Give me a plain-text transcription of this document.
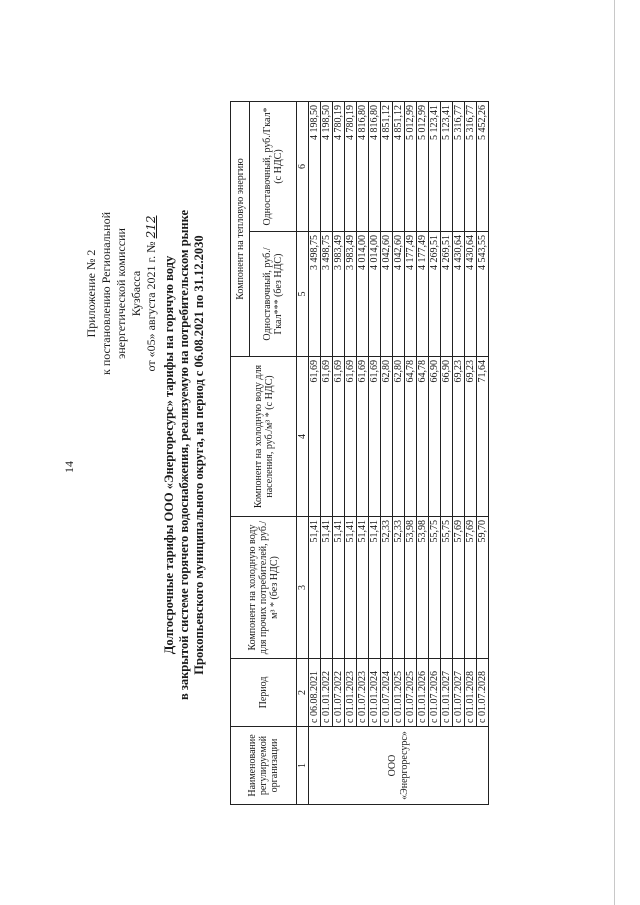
14
Приложение № 2 к постановлению Региональной энергетической комиссии Кузбасса от «05» августа 2021 г. № 212
Долгосрочные тарифы ООО «Энергоресурс» тарифы на горячую воду в закрытой системе горячего водоснабжения, реализуемую на потребительском рынке Прокопьевского муниципального округа, на период с 06.08.2021 по 31.12.2030
Наименование регулируемой организации	Период	Компонент на холодную воду для прочих потребителей, руб./м³ * (без НДС)	Компонент на холодную воду для населения, руб./м³ * (с НДС)	Компонент на тепловую энергию	
				Одноставочный, руб./Гкал*** (без НДС)	Одноставочный, руб./Гкал* (с НДС)
1	2	3	4	5	6
ООО «Энергоресурс»	с 06.08.2021	51,41	61,69	3 498,75	4 198,50
	с 01.01.2022	51,41	61,69	3 498,75	4 198,50
	с 01.07.2022	51,41	61,69	3 983,49	4 780,19
	с 01.01.2023	51,41	61,69	3 983,49	4 780,19
	с 01.07.2023	51,41	61,69	4 014,00	4 816,80
	с 01.01.2024	51,41	61,69	4 014,00	4 816,80
	с 01.07.2024	52,33	62,80	4 042,60	4 851,12
	с 01.01.2025	52,33	62,80	4 042,60	4 851,12
	с 01.07.2025	53,98	64,78	4 177,49	5 012,99
	с 01.01.2026	53,98	64,78	4 177,49	5 012,99
	с 01.07.2026	55,75	66,90	4 269,51	5 123,41
	с 01.01.2027	55,75	66,90	4 269,51	5 123,41
	с 01.07.2027	57,69	69,23	4 430,64	5 316,77
	с 01.01.2028	57,69	69,23	4 430,64	5 316,77
	с 01.07.2028	59,70	71,64	4 543,55	5 452,26
